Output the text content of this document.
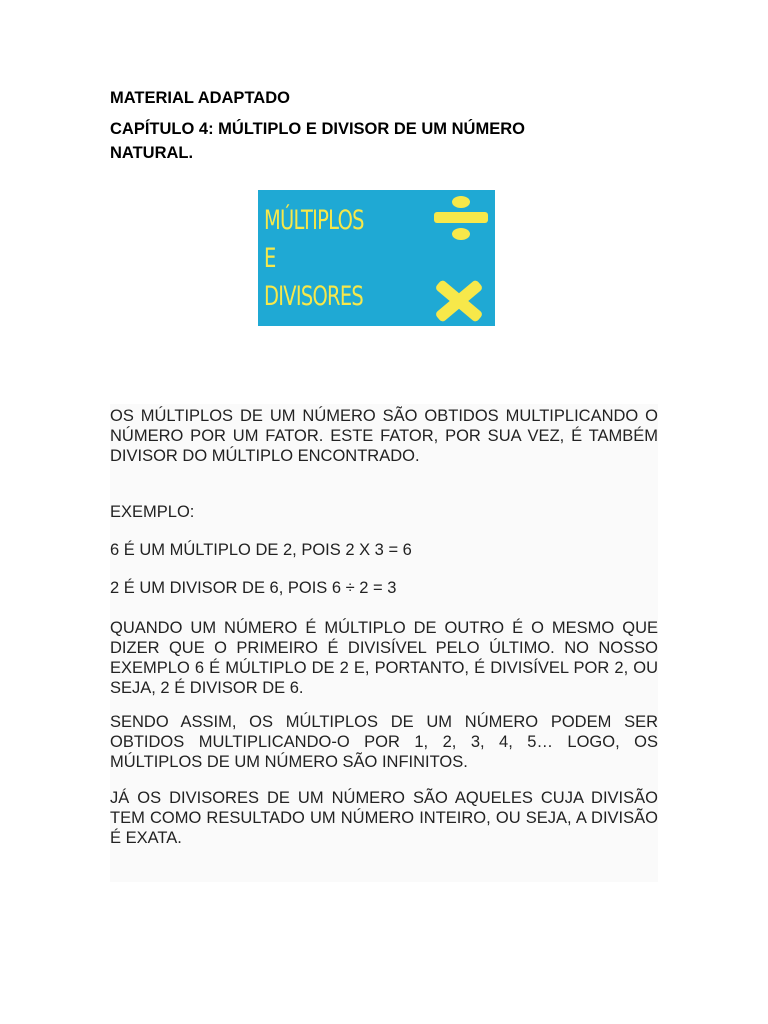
MATERIAL ADAPTADO
CAPÍTULO 4: MÚLTIPLO E DIVISOR DE UM NÚMERO NATURAL.
MÚLTIPLOS
E
DIVISORES

OS MÚLTIPLOS DE UM NÚMERO SÃO OBTIDOS MULTIPLICANDO O NÚMERO POR UM FATOR. ESTE FATOR, POR SUA VEZ, É TAMBÉM DIVISOR DO MÚLTIPLO ENCONTRADO.

EXEMPLO:

6 É UM MÚLTIPLO DE 2, POIS 2 X 3 = 6

2 É UM DIVISOR DE 6, POIS 6 ÷ 2 = 3

QUANDO UM NÚMERO É MÚLTIPLO DE OUTRO É O MESMO QUE DIZER QUE O PRIMEIRO É DIVISÍVEL PELO ÚLTIMO. NO NOSSO EXEMPLO 6 É MÚLTIPLO DE 2 E, PORTANTO, É DIVISÍVEL POR 2, OU SEJA, 2 É DIVISOR DE 6.

SENDO ASSIM, OS MÚLTIPLOS DE UM NÚMERO PODEM SER OBTIDOS MULTIPLICANDO-O POR 1, 2, 3, 4, 5… LOGO, OS MÚLTIPLOS DE UM NÚMERO SÃO INFINITOS.

JÁ OS DIVISORES DE UM NÚMERO SÃO AQUELES CUJA DIVISÃO TEM COMO RESULTADO UM NÚMERO INTEIRO, OU SEJA, A DIVISÃO É EXATA.
